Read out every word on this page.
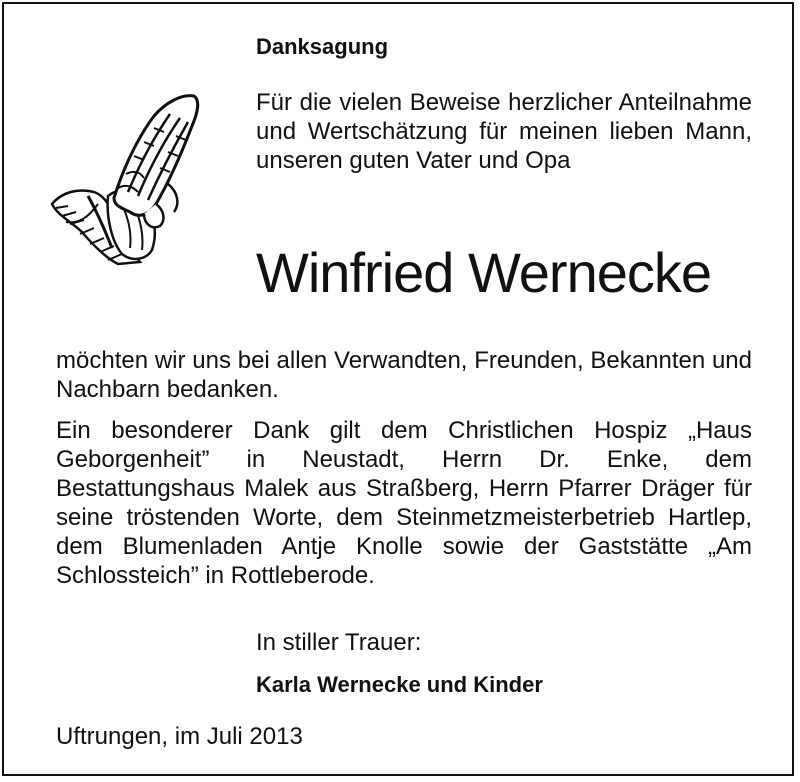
Danksagung

Für die vielen Beweise herzlicher Anteilnahme und Wertschätzung für meinen lieben Mann, unseren guten Vater und Opa

Winfried Wernecke

möchten wir uns bei allen Verwandten, Freunden, Bekannten und Nachbarn bedanken.

Ein besonderer Dank gilt dem Christlichen Hospiz „Haus Geborgenheit” in Neustadt, Herrn Dr. Enke, dem Bestattungshaus Malek aus Straßberg, Herrn Pfarrer Dräger für seine tröstenden Worte, dem Steinmetzmeisterbetrieb Hartlep, dem Blumenladen Antje Knolle sowie der Gaststätte „Am Schlossteich” in Rottleberode.

In stiller Trauer:
Karla Wernecke und Kinder
Uftrungen, im Juli 2013
